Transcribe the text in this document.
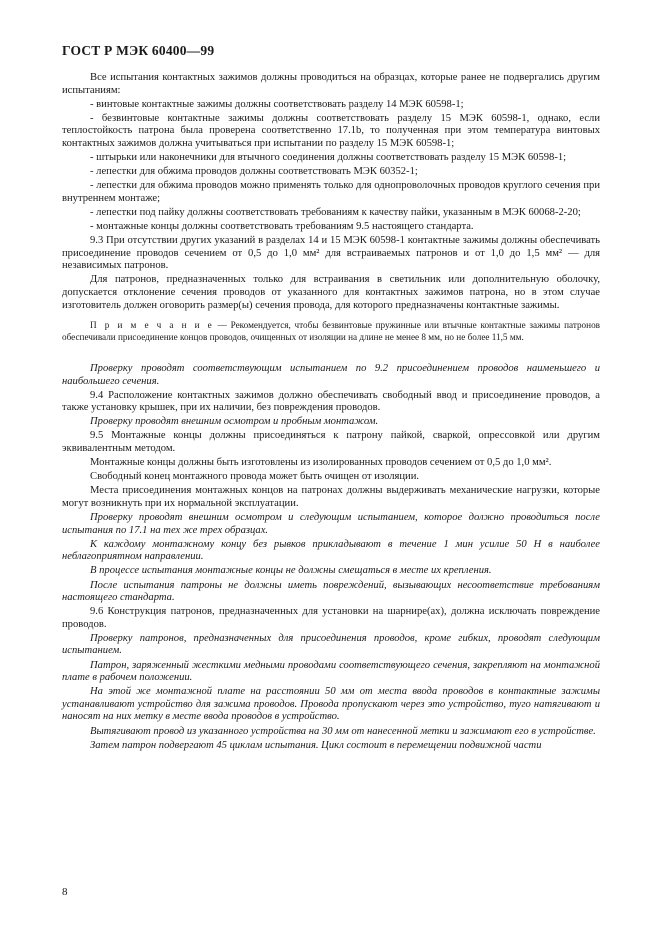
ГОСТ Р МЭК 60400—99

Все испытания контактных зажимов должны проводиться на образцах, которые ранее не подвергались другим испытаниям:

- винтовые контактные зажимы должны соответствовать разделу 14 МЭК 60598-1;

- безвинтовые контактные зажимы должны соответствовать разделу 15 МЭК 60598-1, однако, если теплостойкость патрона была проверена соответственно 17.1b, то полученная при этом температура винтовых контактных зажимов должна учитываться при испытании по разделу 15 МЭК 60598-1;

- штырьки или наконечники для втычного соединения должны соответствовать разделу 15 МЭК 60598-1;

- лепестки для обжима проводов должны соответствовать МЭК 60352-1;

- лепестки для обжима проводов можно применять только для однопроволочных проводов круглого сечения при внутреннем монтаже;

- лепестки под пайку должны соответствовать требованиям к качеству пайки, указанным в МЭК 60068-2-20;

- монтажные концы должны соответствовать требованиям 9.5 настоящего стандарта.

9.3 При отсутствии других указаний в разделах 14 и 15 МЭК 60598-1 контактные зажимы должны обеспечивать присоединение проводов сечением от 0,5 до 1,0 мм² для встраиваемых патронов и от 1,0 до 1,5 мм² — для независимых патронов.

Для патронов, предназначенных только для встраивания в светильник или дополнительную оболочку, допускается отклонение сечения проводов от указанного для контактных зажимов патрона, но в этом случае изготовитель должен оговорить размер(ы) сечения провода, для которого предназначены контактные зажимы.

П р и м е ч а н и е — Рекомендуется, чтобы безвинтовые пружинные или втычные контактные зажимы патронов обеспечивали присоединение концов проводов, очищенных от изоляции на длине не менее 8 мм, но не более 11,5 мм.

Проверку проводят соответствующим испытанием по 9.2 присоединением проводов наименьшего и наибольшего сечения.

9.4 Расположение контактных зажимов должно обеспечивать свободный ввод и присоединение проводов, а также установку крышек, при их наличии, без повреждения проводов.

Проверку проводят внешним осмотром и пробным монтажом.

9.5 Монтажные концы должны присоединяться к патрону пайкой, сваркой, опрессовкой или другим эквивалентным методом.

Монтажные концы должны быть изготовлены из изолированных проводов сечением от 0,5 до 1,0 мм².

Свободный конец монтажного провода может быть очищен от изоляции.

Места присоединения монтажных концов на патронах должны выдерживать механические нагрузки, которые могут возникнуть при их нормальной эксплуатации.

Проверку проводят внешним осмотром и следующим испытанием, которое должно проводиться после испытания по 17.1 на тех же трех образцах.

К каждому монтажному концу без рывков прикладывают в течение 1 мин усилие 50 Н в наиболее неблагоприятном направлении.

В процессе испытания монтажные концы не должны смещаться в месте их крепления.

После испытания патроны не должны иметь повреждений, вызывающих несоответствие требованиям настоящего стандарта.

9.6 Конструкция патронов, предназначенных для установки на шарнире(ах), должна исключать повреждение проводов.

Проверку патронов, предназначенных для присоединения проводов, кроме гибких, проводят следующим испытанием.

Патрон, заряженный жесткими медными проводами соответствующего сечения, закрепляют на монтажной плате в рабочем положении.

На этой же монтажной плате на расстоянии 50 мм от места ввода проводов в контактные зажимы устанавливают устройство для зажима проводов. Провода пропускают через это устройство, туго натягивают и наносят на них метку в месте ввода проводов в устройство.

Вытягивают провод из указанного устройства на 30 мм от нанесенной метки и зажимают его в устройстве.

Затем патрон подвергают 45 циклам испытания. Цикл состоит в перемещении подвижной части

8
